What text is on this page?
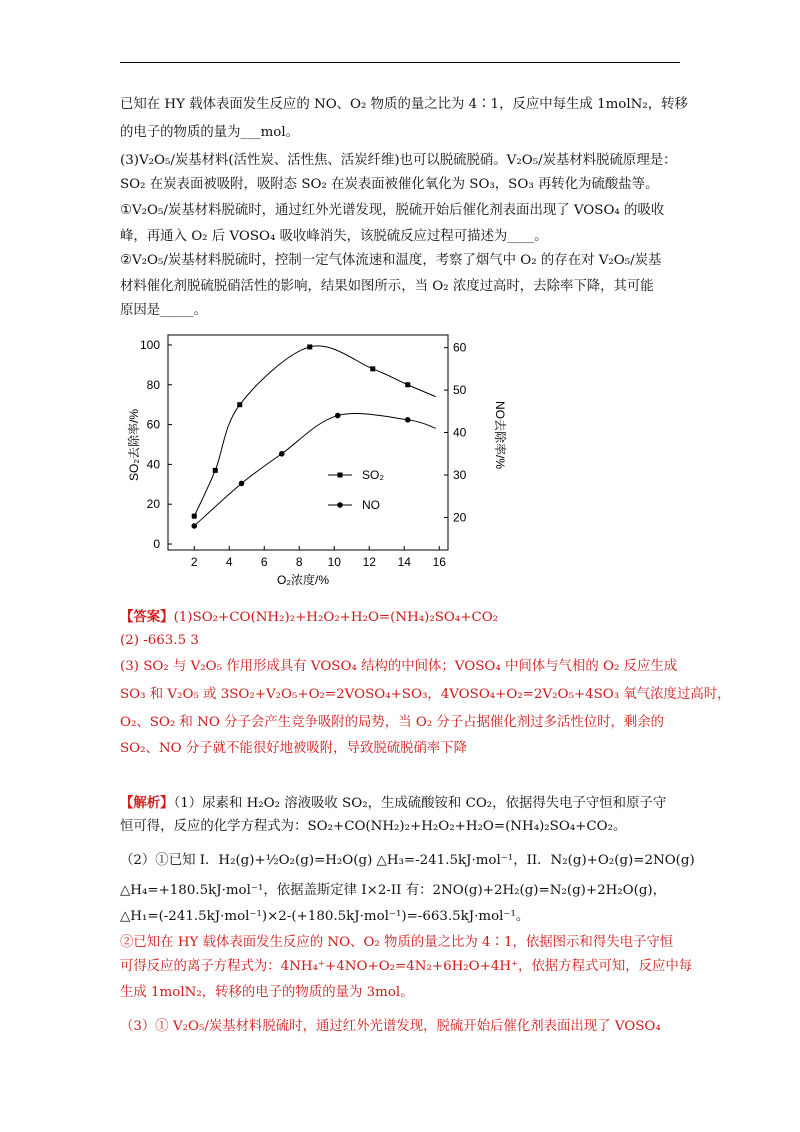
已知在 HY 载体表面发生反应的 NO、O₂ 物质的量之比为 4∶1，反应中每生成 1molN₂，转移
的电子的物质的量为___mol。
(3)V₂O₅/炭基材料(活性炭、活性焦、活炭纤维)也可以脱硫脱硝。V₂O₅/炭基材料脱硫原理是：
SO₂ 在炭表面被吸附，吸附态 SO₂ 在炭表面被催化氧化为 SO₃，SO₃ 再转化为硫酸盐等。
①V₂O₅/炭基材料脱硫时，通过红外光谱发现，脱硫开始后催化剂表面出现了 VOSO₄ 的吸收
峰，再通入 O₂ 后 VOSO₄ 吸收峰消失，该脱硫反应过程可描述为____。
②V₂O₅/炭基材料脱硫时，控制一定气体流速和温度，考察了烟气中 O₂ 的存在对 V₂O₅/炭基
材料催化剂脱硫脱硝活性的影响，结果如图所示，当 O₂ 浓度过高时，去除率下降，其可能
原因是_____。
2 4 6 8 10 12 14 16
0
20
40
60
80
100
20
30
40
50
60
SO₂
NO
O₂浓度/%
SO₂去除率/%	NO去除率/%
【答案】(1)SO₂+CO(NH₂)₂+H₂O₂+H₂O=(NH₄)₂SO₄+CO₂
(2) -663.5 3
(3) SO₂ 与 V₂O₅ 作用形成具有 VOSO₄ 结构的中间体；VOSO₄ 中间体与气相的 O₂ 反应生成
SO₃ 和 V₂O₅ 或 3SO₂+V₂O₅+O₂=2VOSO₄+SO₃，4VOSO₄+O₂=2V₂O₅+4SO₃ 氧气浓度过高时，
O₂、SO₂ 和 NO 分子会产生竞争吸附的局势，当 O₂ 分子占据催化剂过多活性位时，剩余的
SO₂、NO 分子就不能很好地被吸附，导致脱硫脱硝率下降
【解析】（1）尿素和 H₂O₂ 溶液吸收 SO₂，生成硫酸铵和 CO₂，依据得失电子守恒和原子守
恒可得，反应的化学方程式为：SO₂+CO(NH₂)₂+H₂O₂+H₂O=(NH₄)₂SO₄+CO₂。
（2）①已知 I．H₂(g)+½O₂(g)=H₂O(g) △H₃=-241.5kJ·mol⁻¹，II．N₂(g)+O₂(g)=2NO(g)
△H₄=+180.5kJ·mol⁻¹，依据盖斯定律 I×2-II 有：2NO(g)+2H₂(g)=N₂(g)+2H₂O(g)，
△H₁=(-241.5kJ·mol⁻¹)×2-(+180.5kJ·mol⁻¹)=-663.5kJ·mol⁻¹。
②已知在 HY 载体表面发生反应的 NO、O₂ 物质的量之比为 4∶1，依据图示和得失电子守恒
可得反应的离子方程式为：4NH₄⁺+4NO+O₂=4N₂+6H₂O+4H⁺，依据方程式可知，反应中每
生成 1molN₂，转移的电子的物质的量为 3mol。
（3）① V₂O₅/炭基材料脱硫时，通过红外光谱发现，脱硫开始后催化剂表面出现了 VOSO₄
